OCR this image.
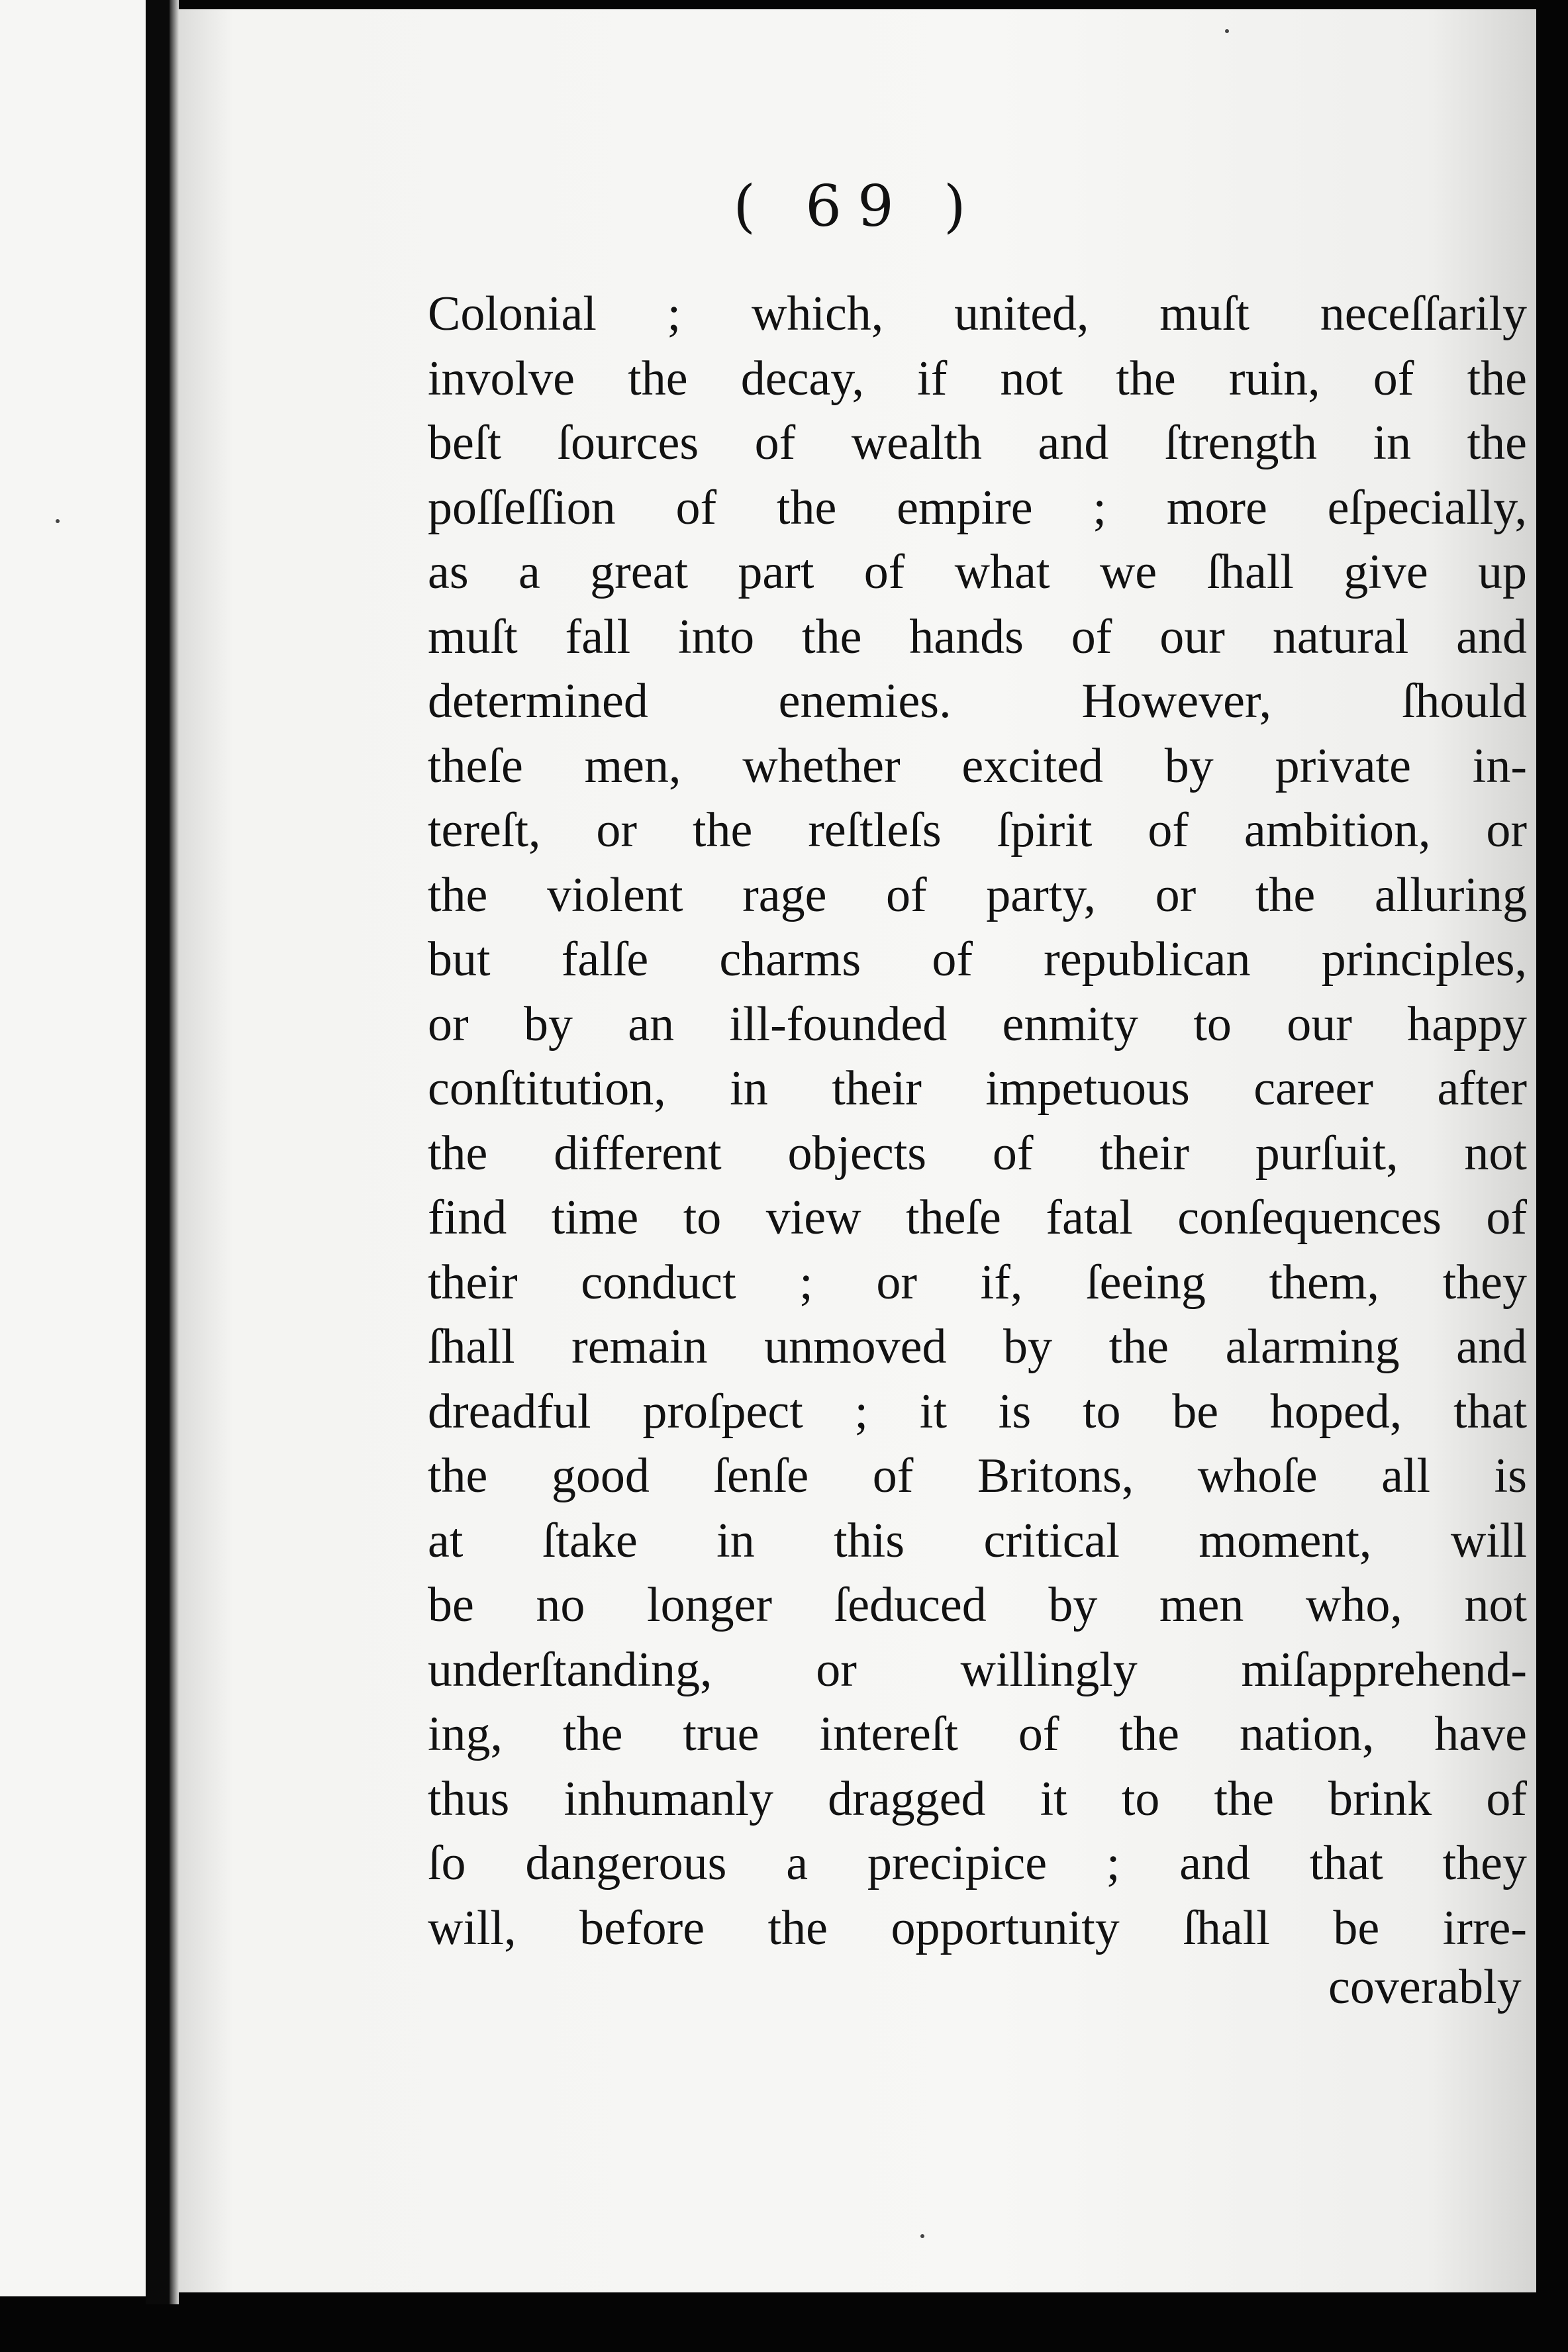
( 69 )
Colonial ; which, united, muſt neceſſarily
involve the decay, if not the ruin, of the
beſt ſources of wealth and ſtrength in the
poſſeſſion of the empire ; more eſpecially,
as a great part of what we ſhall give up
muſt fall into the hands of our natural and
determined enemies. However, ſhould
theſe men, whether excited by private in-
tereſt, or the reſtleſs ſpirit of ambition, or
the violent rage of party, or the alluring
but falſe charms of republican principles,
or by an ill-founded enmity to our happy
conſtitution, in their impetuous career after
the different objects of their purſuit, not
find time to view theſe fatal conſequences of
their conduct ; or if, ſeeing them, they
ſhall remain unmoved by the alarming and
dreadful proſpect ; it is to be hoped, that
the good ſenſe of Britons, whoſe all is
at ſtake in this critical moment, will
be no longer ſeduced by men who, not
underſtanding, or willingly miſapprehend-
ing, the true intereſt of the nation, have
thus inhumanly dragged it to the brink of
ſo dangerous a precipice ; and that they
will, before the opportunity ſhall be irre-
coverably
